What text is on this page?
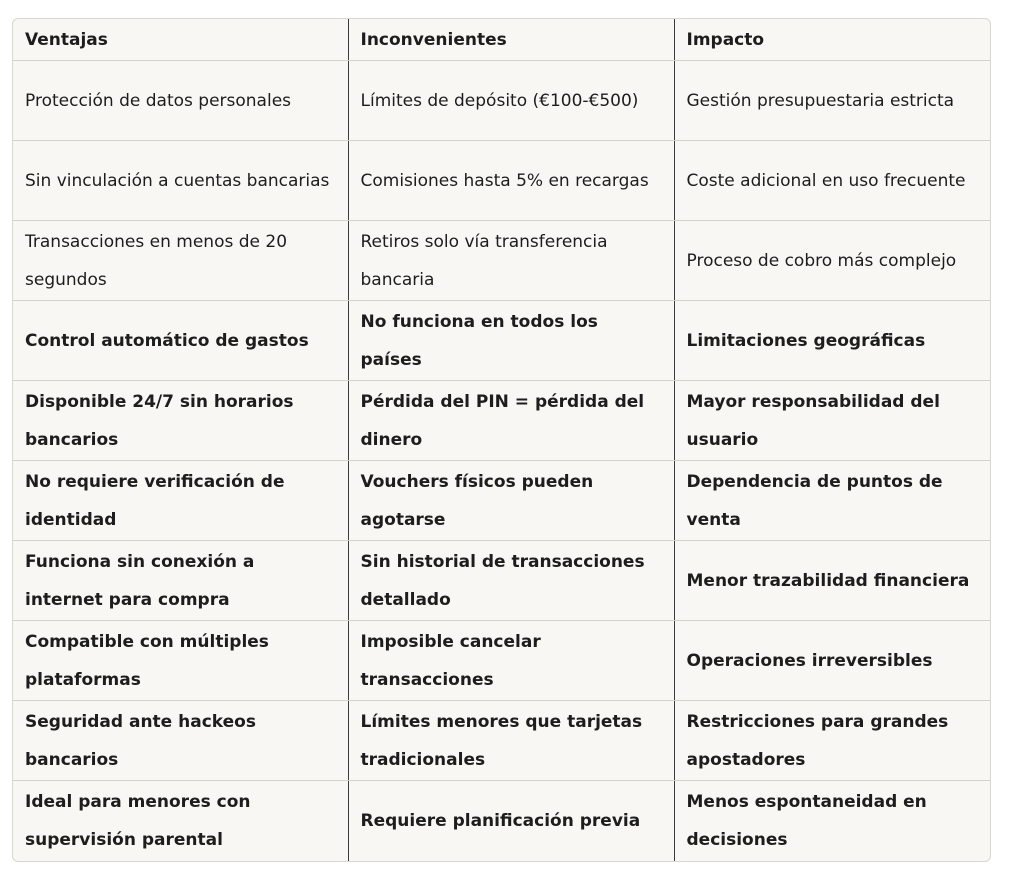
Ventajas	Inconvenientes	Impacto
Protección de datos personales	Límites de depósito (€100-€500)	Gestión presupuestaria estricta
Sin vinculación a cuentas bancarias	Comisiones hasta 5% en recargas	Coste adicional en uso frecuente
Transacciones en menos de 20 segundos	Retiros solo vía transferencia bancaria	Proceso de cobro más complejo
Control automático de gastos	No funciona en todos los países	Limitaciones geográficas
Disponible 24/7 sin horarios bancarios	Pérdida del PIN = pérdida del dinero	Mayor responsabilidad del usuario
No requiere verificación de identidad	Vouchers físicos pueden agotarse	Dependencia de puntos de venta
Funciona sin conexión a internet para compra	Sin historial de transacciones detallado	Menor trazabilidad financiera
Compatible con múltiples plataformas	Imposible cancelar transacciones	Operaciones irreversibles
Seguridad ante hackeos bancarios	Límites menores que tarjetas tradicionales	Restricciones para grandes apostadores
Ideal para menores con supervisión parental	Requiere planificación previa	Menos espontaneidad en decisiones
